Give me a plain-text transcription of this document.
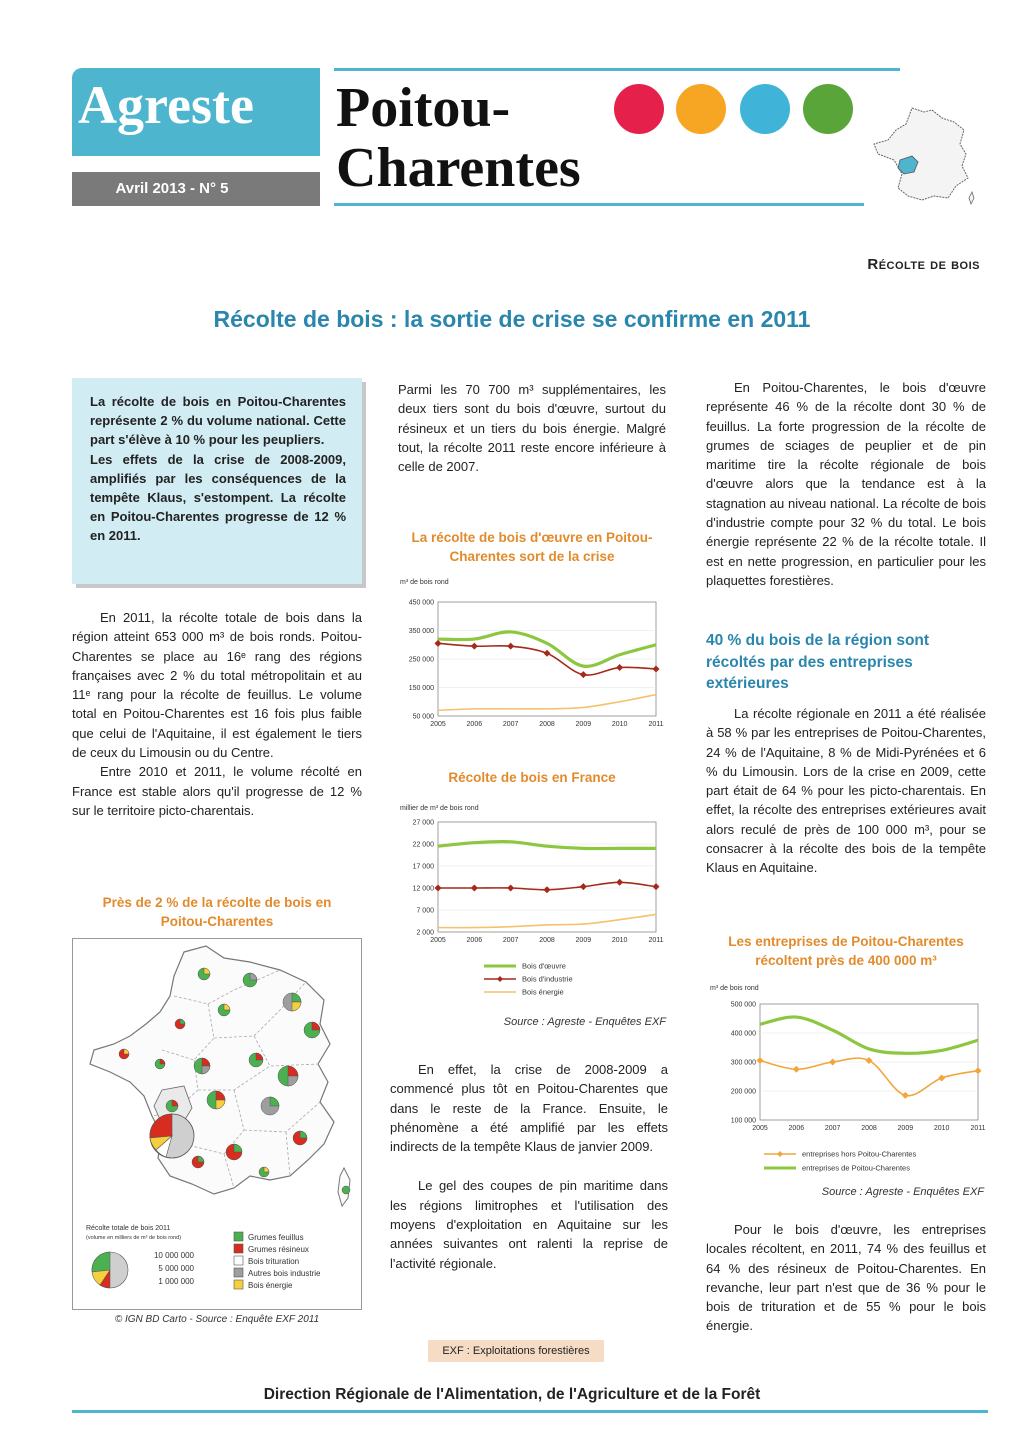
Agreste
Avril 2013 - N° 5
Poitou-
Charentes
Récolte de bois
Récolte de bois : la sortie de crise se confirme en 2011

La récolte de bois en Poitou-Charentes représente 2 % du volume national. Cette part s'élève à 10 % pour les peupliers.

Les effets de la crise de 2008-2009, amplifiés par les conséquences de la tempête Klaus, s'estompent. La récolte en Poitou-Charentes progresse de 12 % en 2011.

En 2011, la récolte totale de bois dans la région atteint 653 000 m³ de bois ronds. Poitou-Charentes se place au 16ᵉ rang des régions françaises avec 2 % du total métropolitain et au 11ᵉ rang pour la récolte de feuillus. Le volume total en Poitou-Charentes est 16 fois plus faible que celui de l'Aquitaine, il est également le tiers de ceux du Limousin ou du Centre.

Entre 2010 et 2011, le volume récolté en France est stable alors qu'il progresse de 12 % sur le territoire picto-charentais.

Près de 2 % de la récolte de bois en Poitou-Charentes
Récolte totale de bois 2011
(volume en milliers de m³ de bois rond)
10 000 000
5 000 000
1 000 000
Grumes feuillus
Grumes résineux
Bois trituration
Autres bois industrie
Bois énergie
© IGN BD Carto - Source : Enquête EXF 2011

Parmi les 70 700 m³ supplémentaires, les deux tiers sont du bois d'œuvre, surtout du résineux et un tiers du bois énergie. Malgré tout, la récolte 2011 reste encore inférieure à celle de 2007.

La récolte de bois d'œuvre en Poitou-Charentes sort de la crise
m³ de bois rond
50 000
150 000
250 000
350 000
450 000
2005	2006	2007	2008	2009	2010	2011
Récolte de bois en France
millier de m³ de bois rond
2 000
7 000
12 000
17 000
22 000
27 000
2005	2006	2007	2008	2009	2010	2011
Bois d'œuvre
Bois d'industrie
Bois énergie
Source : Agreste - Enquêtes EXF

En effet, la crise de 2008-2009 a commencé plus tôt en Poitou-Charentes que dans le reste de la France. Ensuite, le phénomène a été amplifié par les effets indirects de la tempête Klaus de janvier 2009.

Le gel des coupes de pin maritime dans les régions limitrophes et l'utilisation des moyens d'exploitation en Aquitaine sur les années suivantes ont ralenti la reprise de l'activité régionale.

En Poitou-Charentes, le bois d'œuvre représente 46 % de la récolte dont 30 % de feuillus. La forte progression de la récolte de grumes de sciages de peuplier et de pin maritime tire la récolte régionale de bois d'œuvre alors que la tendance est à la stagnation au niveau national. La récolte de bois d'industrie compte pour 32 % du total. Le bois énergie représente 22 % de la récolte totale. Il est en nette progression, en particulier pour les plaquettes forestières.

40 % du bois de la région sont récoltés par des entreprises extérieures

La récolte régionale en 2011 a été réalisée à 58 % par les entreprises de Poitou-Charentes, 24 % de l'Aquitaine, 8 % de Midi-Pyrénées et 6 % du Limousin. Lors de la crise en 2009, cette part était de 64 % pour les picto-charentais. En effet, la récolte des entreprises extérieures avait alors reculé de près de 100 000 m³, pour se consacrer à la récolte des bois de la tempête Klaus en Aquitaine.

Les entreprises de Poitou-Charentes récoltent près de 400 000 m³
m³ de bois rond
100 000
200 000
300 000
400 000
500 000
2005	2006	2007	2008	2009	2010	2011
entreprises hors Poitou-Charentes
entreprises de Poitou-Charentes
Source : Agreste - Enquêtes EXF

Pour le bois d'œuvre, les entreprises locales récoltent, en 2011, 74 % des feuillus et 64 % des résineux de Poitou-Charentes. En revanche, leur part n'est que de 36 % pour le bois de trituration et de 55 % pour le bois énergie.

EXF : Exploitations forestières
Direction Régionale de l'Alimentation, de l'Agriculture et de la Forêt
